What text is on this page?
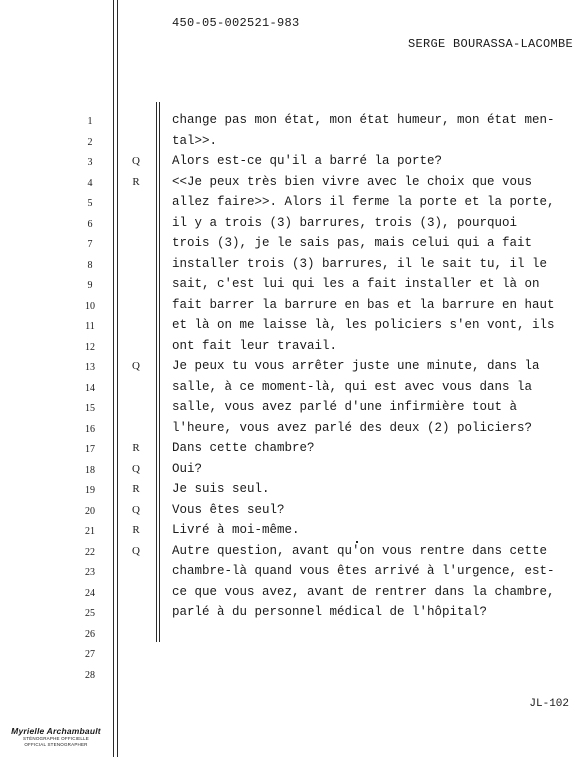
450-05-002521-983
SERGE BOURASSA-LACOMBE
1	change pas mon état, mon état humeur, mon état men-
2	tal>>.
3	Q	Alors est-ce qu'il a barré la porte?
4	R	<<Je peux très bien vivre avec le choix que vous
5	allez faire>>. Alors il ferme la porte et la porte,
6	il y a trois (3) barrures, trois (3), pourquoi
7	trois (3), je le sais pas, mais celui qui a fait
8	installer trois (3) barrures, il le sait tu, il le
9	sait, c'est lui qui les a fait installer et là on
10	fait barrer la barrure en bas et la barrure en haut
11	et là on me laisse là, les policiers s'en vont, ils
12	ont fait leur travail.
13	Q	Je peux tu vous arrêter juste une minute, dans la
14	salle, à ce moment-là, qui est avec vous dans la
15	salle, vous avez parlé d'une infirmière tout à
16	l'heure, vous avez parlé des deux (2) policiers?
17	R	Dans cette chambre?
18	Q	Oui?
19	R	Je suis seul.
20	Q	Vous êtes seul?
21	R	Livré à moi-même.
22	Q	Autre question, avant qu'on vous rentre dans cette
23	chambre-là quand vous êtes arrivé à l'urgence, est-
24	ce que vous avez, avant de rentrer dans la chambre,
25	parlé à du personnel médical de l'hôpital?
26
27
28
JL-102
Myrielle Archambault
STÉNOGRAPHE OFFICIELLE
OFFICIAL STENOGRAPHER
